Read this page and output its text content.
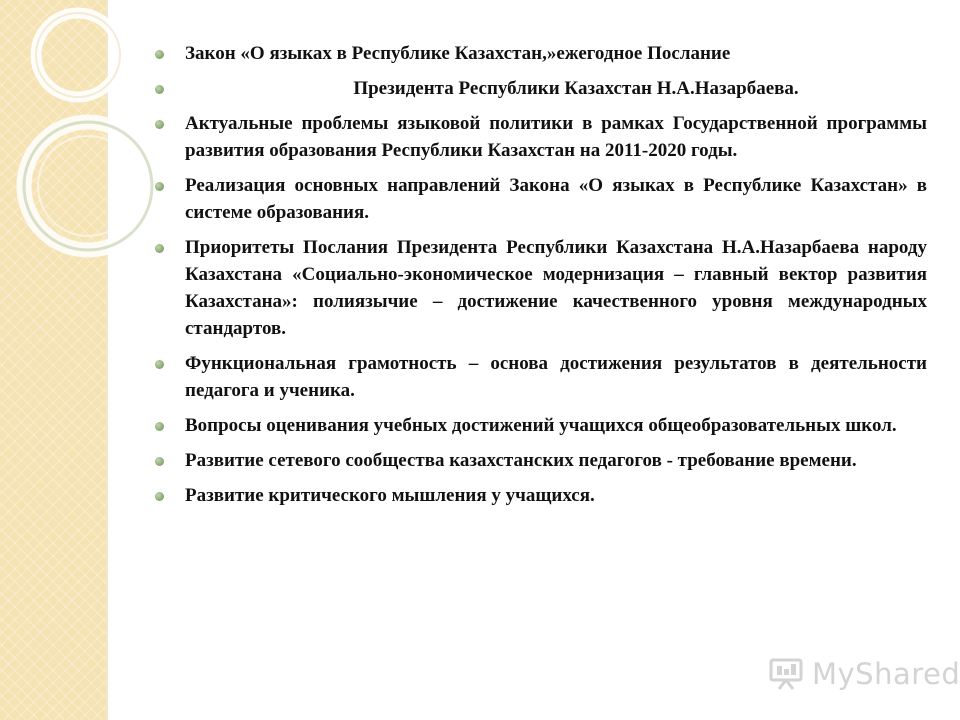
Закон «О языках в Республике Казахстан,»ежегодное Послание
Президента Республики Казахстан Н.А.Назарбаева.
Актуальные проблемы языковой политики в рамках Государственной программы развития образования Республики Казахстан на 2011-2020 годы.
Реализация основных направлений Закона «О языках в Республике Казахстан» в системе образования.
Приоритеты Послания Президента Республики Казахстана Н.А.Назарбаева народу Казахстана «Социально-экономическое модернизация – главный вектор развития Казахстана»: полиязычие – достижение качественного уровня международных стандартов.
Функциональная грамотность – основа достижения результатов в деятельности педагога и ученика.
Вопросы оценивания учебных достижений учащихся общеобразовательных школ.
Развитие сетевого сообщества казахстанских педагогов - требование времени.
Развитие критического мышления у учащихся.
MyShared
